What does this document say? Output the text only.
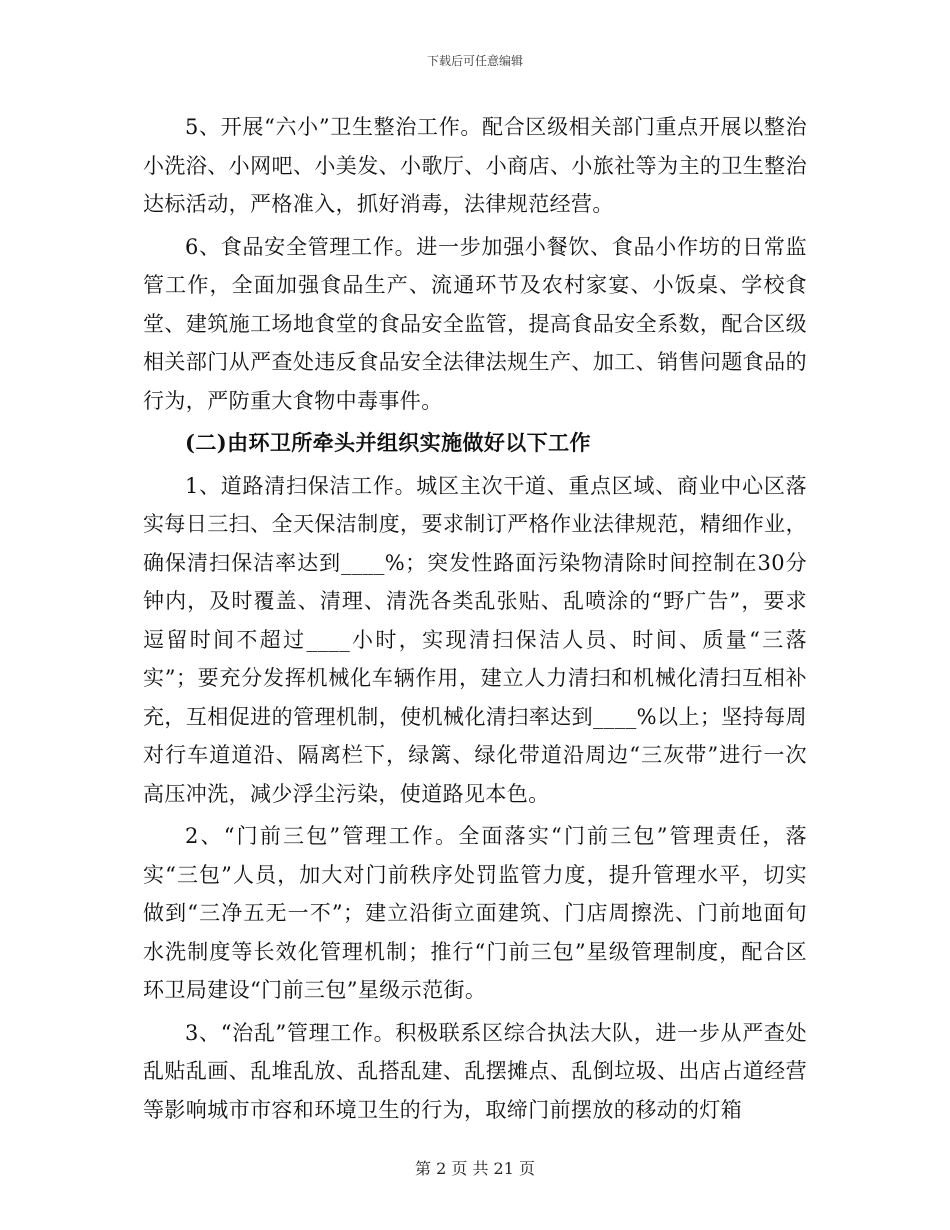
下载后可任意编辑

5、开展“六小”卫生整治工作。配合区级相关部门重点开展以整治小洗浴、小网吧、小美发、小歌厅、小商店、小旅社等为主的卫生整治达标活动，严格准入，抓好消毒，法律规范经营。

6、食品安全管理工作。进一步加强小餐饮、食品小作坊的日常监管工作，全面加强食品生产、流通环节及农村家宴、小饭桌、学校食堂、建筑施工场地食堂的食品安全监管，提高食品安全系数，配合区级相关部门从严查处违反食品安全法律法规生产、加工、销售问题食品的行为，严防重大食物中毒事件。

(二)由环卫所牵头并组织实施做好以下工作

1、道路清扫保洁工作。城区主次干道、重点区域、商业中心区落实每日三扫、全天保洁制度，要求制订严格作业法律规范，精细作业，确保清扫保洁率达到____%；突发性路面污染物清除时间控制在30分钟内，及时覆盖、清理、清洗各类乱张贴、乱喷涂的“野广告”，要求逗留时间不超过____小时，实现清扫保洁人员、时间、质量“三落实”；要充分发挥机械化车辆作用，建立人力清扫和机械化清扫互相补充，互相促进的管理机制，使机械化清扫率达到____%以上；坚持每周对行车道道沿、隔离栏下，绿篱、绿化带道沿周边“三灰带”进行一次高压冲洗，减少浮尘污染，使道路见本色。

2、“门前三包”管理工作。全面落实“门前三包”管理责任，落实“三包”人员，加大对门前秩序处罚监管力度，提升管理水平，切实做到“三净五无一不”；建立沿街立面建筑、门店周擦洗、门前地面旬水洗制度等长效化管理机制；推行“门前三包”星级管理制度，配合区环卫局建设“门前三包”星级示范街。

3、“治乱”管理工作。积极联系区综合执法大队，进一步从严查处乱贴乱画、乱堆乱放、乱搭乱建、乱摆摊点、乱倒垃圾、出店占道经营等影响城市市容和环境卫生的行为，取缔门前摆放的移动的灯箱

第 2 页 共 21 页
